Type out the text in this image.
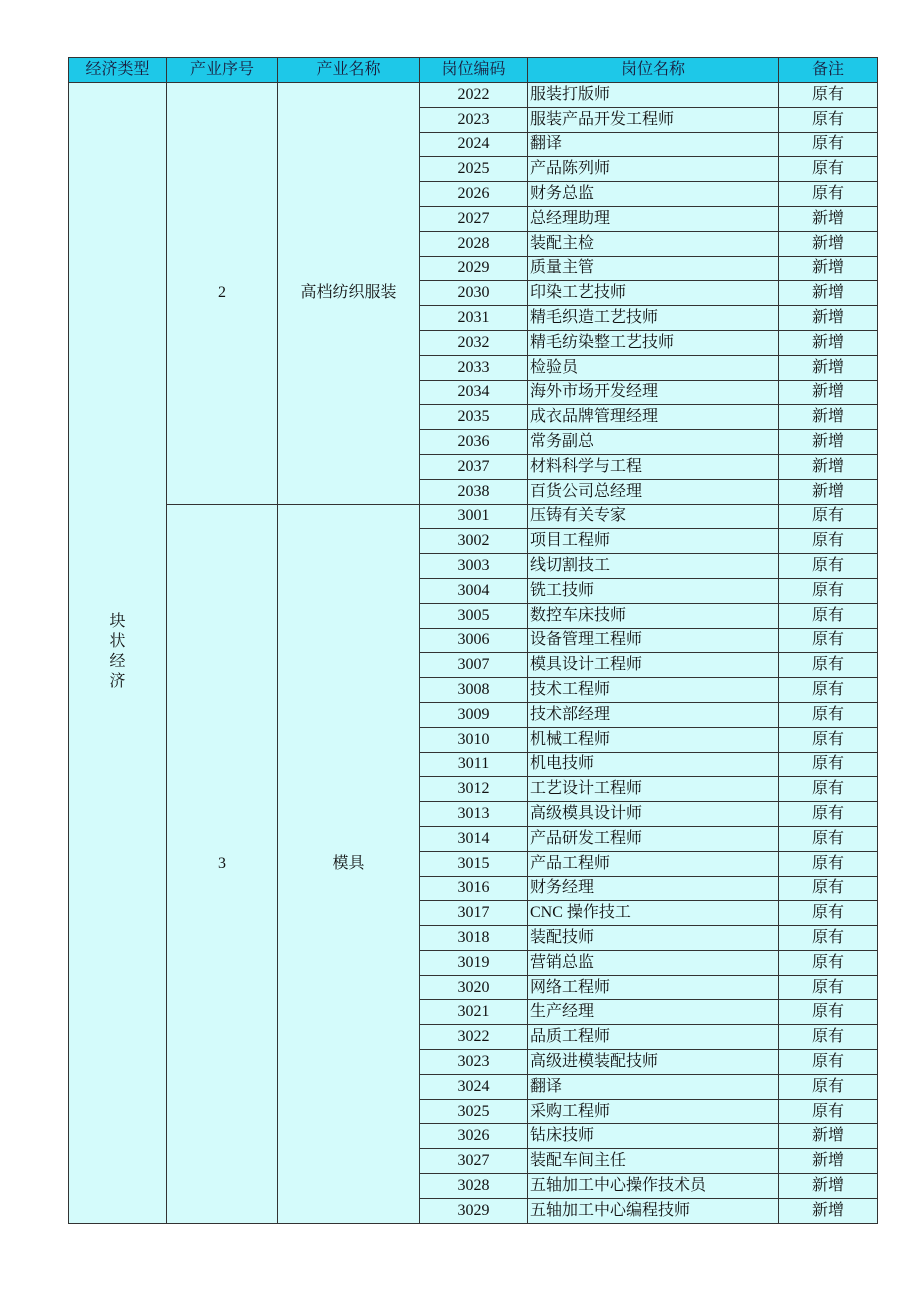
经济类型	产业序号	产业名称	岗位编码	岗位名称	备注
块状经济	2	高档纺织服装	2022	服装打版师	原有
			2023	服装产品开发工程师	原有
			2024	翻译	原有
			2025	产品陈列师	原有
			2026	财务总监	原有
			2027	总经理助理	新增
			2028	装配主检	新增
			2029	质量主管	新增
			2030	印染工艺技师	新增
			2031	精毛织造工艺技师	新增
			2032	精毛纺染整工艺技师	新增
			2033	检验员	新增
			2034	海外市场开发经理	新增
			2035	成衣品牌管理经理	新增
			2036	常务副总	新增
			2037	材料科学与工程	新增
			2038	百货公司总经理	新增
	3	模具	3001	压铸有关专家	原有
			3002	项目工程师	原有
			3003	线切割技工	原有
			3004	铣工技师	原有
			3005	数控车床技师	原有
			3006	设备管理工程师	原有
			3007	模具设计工程师	原有
			3008	技术工程师	原有
			3009	技术部经理	原有
			3010	机械工程师	原有
			3011	机电技师	原有
			3012	工艺设计工程师	原有
			3013	高级模具设计师	原有
			3014	产品研发工程师	原有
			3015	产品工程师	原有
			3016	财务经理	原有
			3017	CNC 操作技工	原有
			3018	装配技师	原有
			3019	营销总监	原有
			3020	网络工程师	原有
			3021	生产经理	原有
			3022	品质工程师	原有
			3023	高级进模装配技师	原有
			3024	翻译	原有
			3025	采购工程师	原有
			3026	钻床技师	新增
			3027	装配车间主任	新增
			3028	五轴加工中心操作技术员	新增
			3029	五轴加工中心编程技师	新增
